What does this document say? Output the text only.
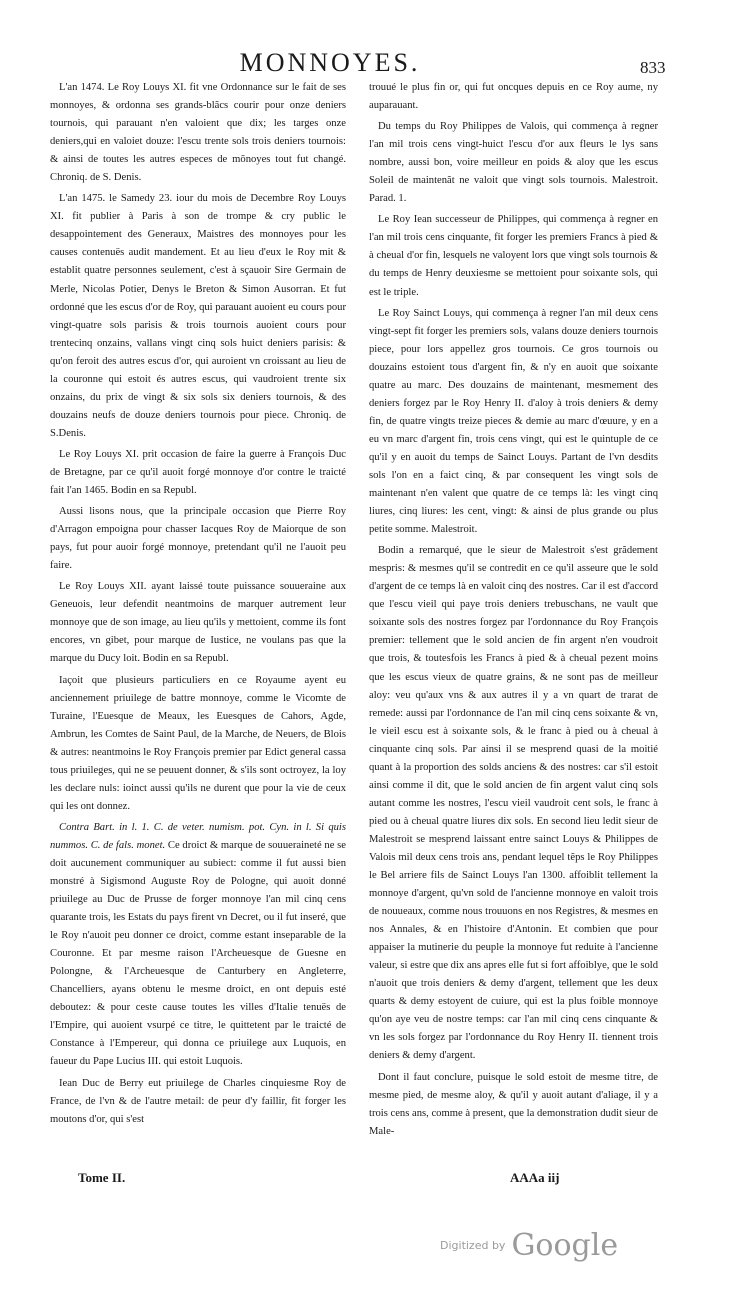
MONNOYES.	833

L'an 1474. Le Roy Louys XI. fit vne Ordonnance sur le fait de ses monnoyes, & ordonna ses grands-blãcs courir pour onze deniers tournois, qui parauant n'en valoient que dix; les targes onze deniers,qui en valoiet douze: l'escu trente sols trois deniers tournois: & ainsi de toutes les autres especes de mõnoyes tout fut changé. Chroniq. de S. Denis.

L'an 1475. le Samedy 23. iour du mois de Decembre Roy Louys XI. fit publier à Paris à son de trompe & cry public le desappointement des Generaux, Maistres des monnoyes pour les causes contenuës audit mandement. Et au lieu d'eux le Roy mit & establit quatre personnes seulement, c'est à sçauoir Sire Germain de Merle, Nicolas Potier, Denys le Breton & Simon Ausorran. Et fut ordonné que les escus d'or de Roy, qui parauant auoient eu cours pour vingt-quatre sols parisis & trois tournois auoient cours pour trentecinq onzains, vallans vingt cinq sols huict deniers parisis: & qu'on feroit des autres escus d'or, qui auroient vn croissant au lieu de la couronne qui estoit és autres escus, qui vaudroient trente six onzains, du prix de vingt & six sols six deniers tournois, & des douzains neufs de douze deniers tournois pour piece. Chroniq. de S.Denis.

Le Roy Louys XI. prit occasion de faire la guerre à François Duc de Bretagne, par ce qu'il auoit forgé monnoye d'or contre le traicté fait l'an 1465. Bodin en sa Republ.

Aussi lisons nous, que la principale occasion que Pierre Roy d'Arragon empoigna pour chasser Iacques Roy de Maiorque de son pays, fut pour auoir forgé monnoye, pretendant qu'il ne l'auoit peu faire.

Le Roy Louys XII. ayant laissé toute puissance souueraine aux Geneuois, leur defendit neantmoins de marquer autrement leur monnoye que de son image, au lieu qu'ils y mettoient, comme ils font encores, vn gibet, pour marque de Iustice, ne voulans pas que la marque du Ducy loit. Bodin en sa Republ.

Iaçoit que plusieurs particuliers en ce Royaume ayent eu anciennement priuilege de battre monnoye, comme le Vicomte de Turaine, l'Euesque de Meaux, les Euesques de Cahors, Agde, Ambrun, les Comtes de Saint Paul, de la Marche, de Neuers, de Blois & autres: neantmoins le Roy François premier par Edict general cassa tous priuileges, qui ne se peuuent donner, & s'ils sont octroyez, la loy les declare nuls: ioinct aussi qu'ils ne durent que pour la vie de ceux qui les ont donnez.

Contra Bart. in l. 1. C. de veter. numism. pot. Cyn. in l. Si quis nummos. C. de fals. monet. Ce droict & marque de souueraineté ne se doit aucunement communiquer au subiect: comme il fut aussi bien monstré à Sigismond Auguste Roy de Pologne, qui auoit donné priuilege au Duc de Prusse de forger monnoye l'an mil cinq cens quarante trois, les Estats du pays firent vn Decret, ou il fut inseré, que le Roy n'auoit peu donner ce droict, comme estant inseparable de la Couronne. Et par mesme raison l'Archeuesque de Guesne en Polongne, & l'Archeuesque de Canturbery en Angleterre, Chancelliers, ayans obtenu le mesme droict, en ont depuis esté deboutez: & pour ceste cause toutes les villes d'Italie tenuës de l'Empire, qui auoient vsurpé ce titre, le quittetent par le traicté de Constance à l'Empereur, qui donna ce priuilege aux Luquois, en faueur du Pape Lucius III. qui estoit Luquois.

Iean Duc de Berry eut priuilege de Charles cinquiesme Roy de France, de l'vn & de l'autre metail: de peur d'y faillir, fit forger les moutons d'or, qui s'est

trouué le plus fin or, qui fut oncques depuis en ce Roy aume, ny auparauant.

Du temps du Roy Philippes de Valois, qui commença à regner l'an mil trois cens vingt-huict l'escu d'or aux fleurs le lys sans nombre, aussi bon, voire meilleur en poids & aloy que les escus Soleil de maintenãt ne valoit que vingt sols tournois. Malestroit. Parad. 1.

Le Roy Iean successeur de Philippes, qui commença à regner en l'an mil trois cens cinquante, fit forger les premiers Francs à pied & à cheual d'or fin, lesquels ne valoyent lors que vingt sols tournois & du temps de Henry deuxiesme se mettoient pour soixante sols, qui est le triple.

Le Roy Sainct Louys, qui commença à regner l'an mil deux cens vingt-sept fit forger les premiers sols, valans douze deniers tournois piece, pour lors appellez gros tournois. Ce gros tournois ou douzains estoient tous d'argent fin, & n'y en auoit que soixante quatre au marc. Des douzains de maintenant, mesmement des deniers forgez par le Roy Henry II. d'aloy à trois deniers & demy fin, de quatre vingts treize pieces & demie au marc d'œuure, y en a eu vn marc d'argent fin, trois cens vingt, qui est le quintuple de ce qu'il y en auoit du temps de Sainct Louys. Partant de l'vn desdits sols l'on en a faict cinq, & par consequent les vingt sols de maintenant n'en valent que quatre de ce temps là: les vingt cinq liures, cinq liures: les cent, vingt: & ainsi de plus grande ou plus petite somme. Malestroit.

Bodin a remarqué, que le sieur de Malestroit s'est grãdement mespris: & mesmes qu'il se contredit en ce qu'il asseure que le sold d'argent de ce temps là en valoit cinq des nostres. Car il est d'accord que l'escu vieil qui paye trois deniers trebuschans, ne vault que soixante sols des nostres forgez par l'ordonnance du Roy François premier: tellement que le sold ancien de fin argent n'en voudroit que trois, & toutesfois les Francs à pied & à cheual pezent moins que les escus vieux de quatre grains, & ne sont pas de meilleur aloy: veu qu'aux vns & aux autres il y a vn quart de trarat de remede: aussi par l'ordonnance de l'an mil cinq cens soixante & vn, le vieil escu est à soixante sols, & le franc à pied ou à cheual à cinquante cinq sols. Par ainsi il se mesprend quasi de la moitié quant à la proportion des solds anciens & des nostres: car s'il estoit ainsi comme il dit, que le sold ancien de fin argent valut cinq sols autant comme les nostres, l'escu vieil vaudroit cent sols, le franc à pied ou à cheual quatre liures dix sols. En second lieu ledit sieur de Malestroit se mesprend laissant entre sainct Louys & Philippes de Valois mil deux cens trois ans, pendant lequel tẽps le Roy Philippes le Bel arriere fils de Sainct Louys l'an 1300. affoiblit tellement la monnoye d'argent, qu'vn sold de l'ancienne monnoye en valoit trois de nouueaux, comme nous trouuons en nos Registres, & mesmes en nos Annales, & en l'histoire d'Antonin. Et combien que pour appaiser la mutinerie du peuple la monnoye fut reduite à l'ancienne valeur, si estre que dix ans apres elle fut si fort affoiblye, que le sold n'auoit que trois deniers & demy d'argent, tellement que les deux quarts & demy estoyent de cuiure, qui est la plus foible monnoye qu'on aye veu de nostre temps: car l'an mil cinq cens cinquante & vn les sols forgez par l'ordonnance du Roy Henry II. tiennent trois deniers & demy d'argent.

Dont il faut conclure, puisque le sold estoit de mesme titre, de mesme pied, de mesme aloy, & qu'il y auoit autant d'aliage, il y a trois cens ans, comme à present, que la demonstration dudit sieur de Male-

Tome II.	AAAa iij
Digitized by Google
